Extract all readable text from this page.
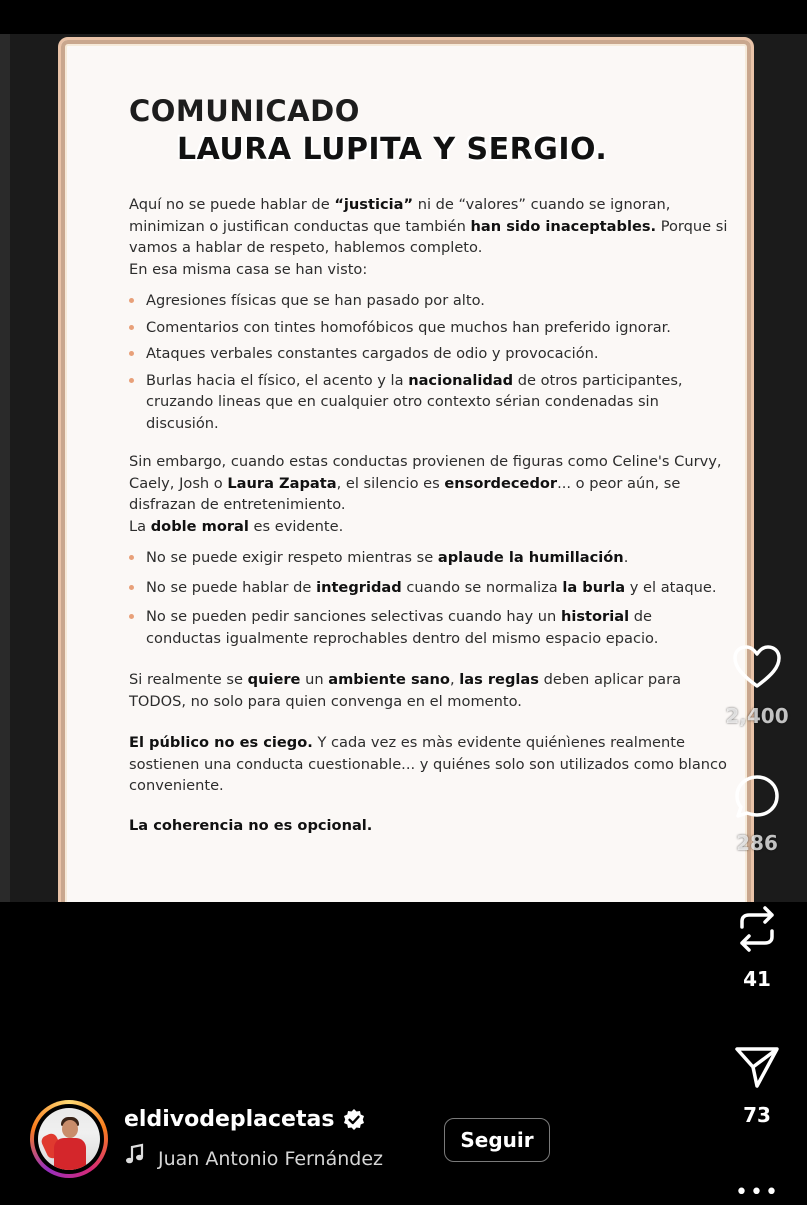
COMUNICADO
LAURA LUPITA Y SERGIO.

Aquí no se puede hablar de “justicia” ni de “valores” cuando se ignoran, minimizan o justifican conductas que también han sido inaceptables. Porque si vamos a hablar de respeto, hablemos completo.

En esa misma casa se han visto:

Agresiones físicas que se han pasado por alto.
Comentarios con tintes homofóbicos que muchos han preferido ignorar.
Ataques verbales constantes cargados de odio y provocación.
Burlas hacia el físico, el acento y la nacionalidad de otros participantes, cruzando lineas que en cualquier otro contexto sérian condenadas sin discusión.

Sin embargo, cuando estas conductas provienen de figuras como Celine's Curvy, Caely, Josh o Laura Zapata, el silencio es ensordecedor... o peor aún, se disfrazan de entretenimiento.

La doble moral es evidente.

No se puede exigir respeto mientras se aplaude la humillación.
No se puede hablar de integridad cuando se normaliza la burla y el ataque.
No se pueden pedir sanciones selectivas cuando hay un historial de conductas igualmente reprochables dentro del mismo espacio epacio.

Si realmente se quiere un ambiente sano, las reglas deben aplicar para TODOS, no solo para quien convenga en el momento.

El público no es ciego. Y cada vez es màs evidente quiénìenes realmente sostienen una conducta cuestionable... y quiénes solo son utilizados como blanco conveniente.

La coherencia no es opcional.

2,400
286
41
73
eldivodeplacetas
Juan Antonio Fernández
Seguir
•••
